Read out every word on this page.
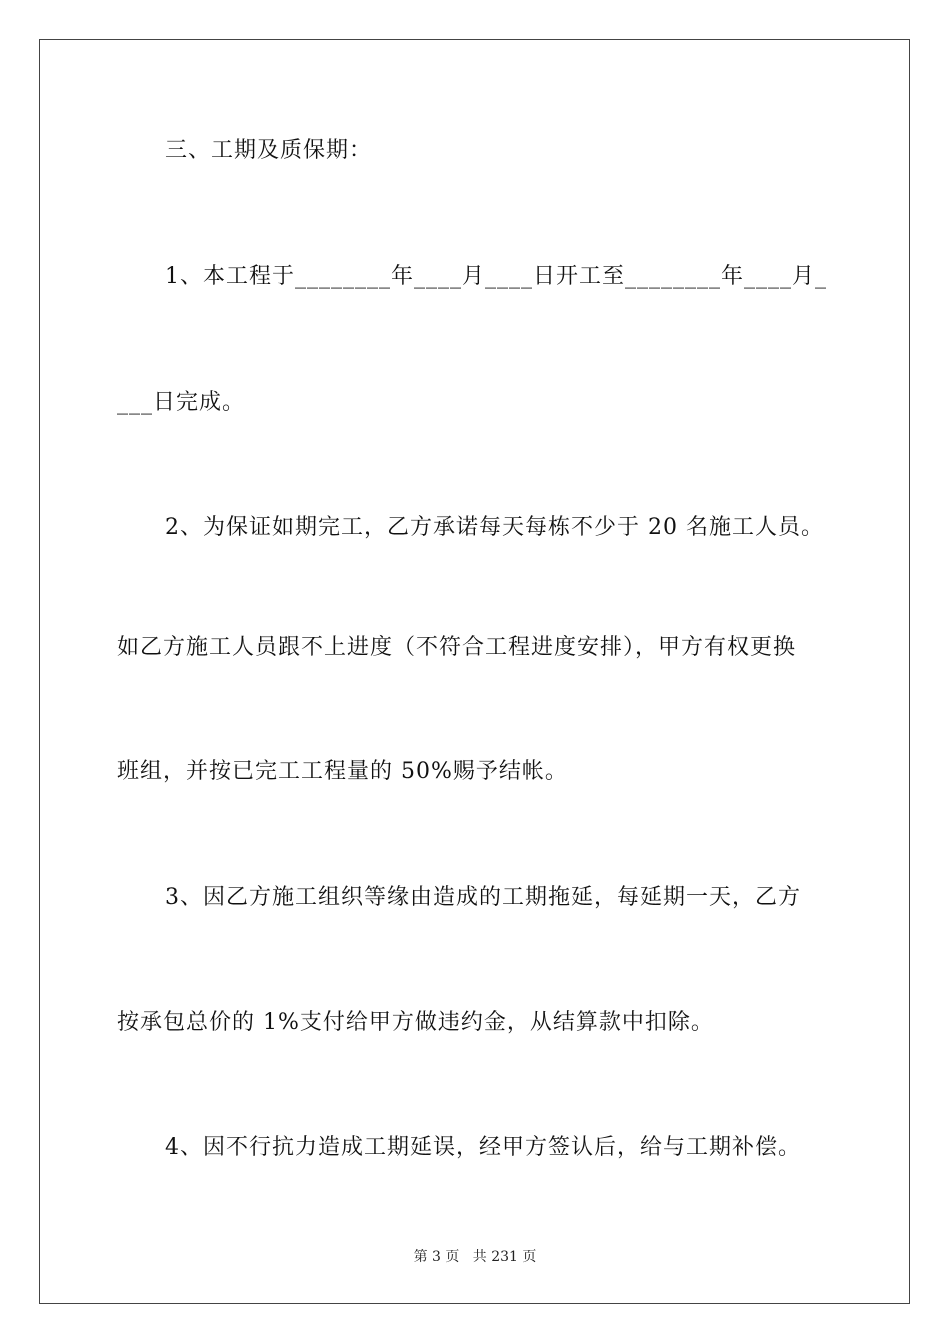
三、工期及质保期：
1、本工程于________年____月____日开工至________年____月_
___日完成。
2、为保证如期完工，乙方承诺每天每栋不少于 20 名施工人员。
如乙方施工人员跟不上进度（不符合工程进度安排），甲方有权更换
班组，并按已完工工程量的 50%赐予结帐。
3、因乙方施工组织等缘由造成的工期拖延，每延期一天，乙方
按承包总价的 1%支付给甲方做违约金，从结算款中扣除。
4、因不行抗力造成工期延误，经甲方签认后，给与工期补偿。
第 3 页   共 231 页
